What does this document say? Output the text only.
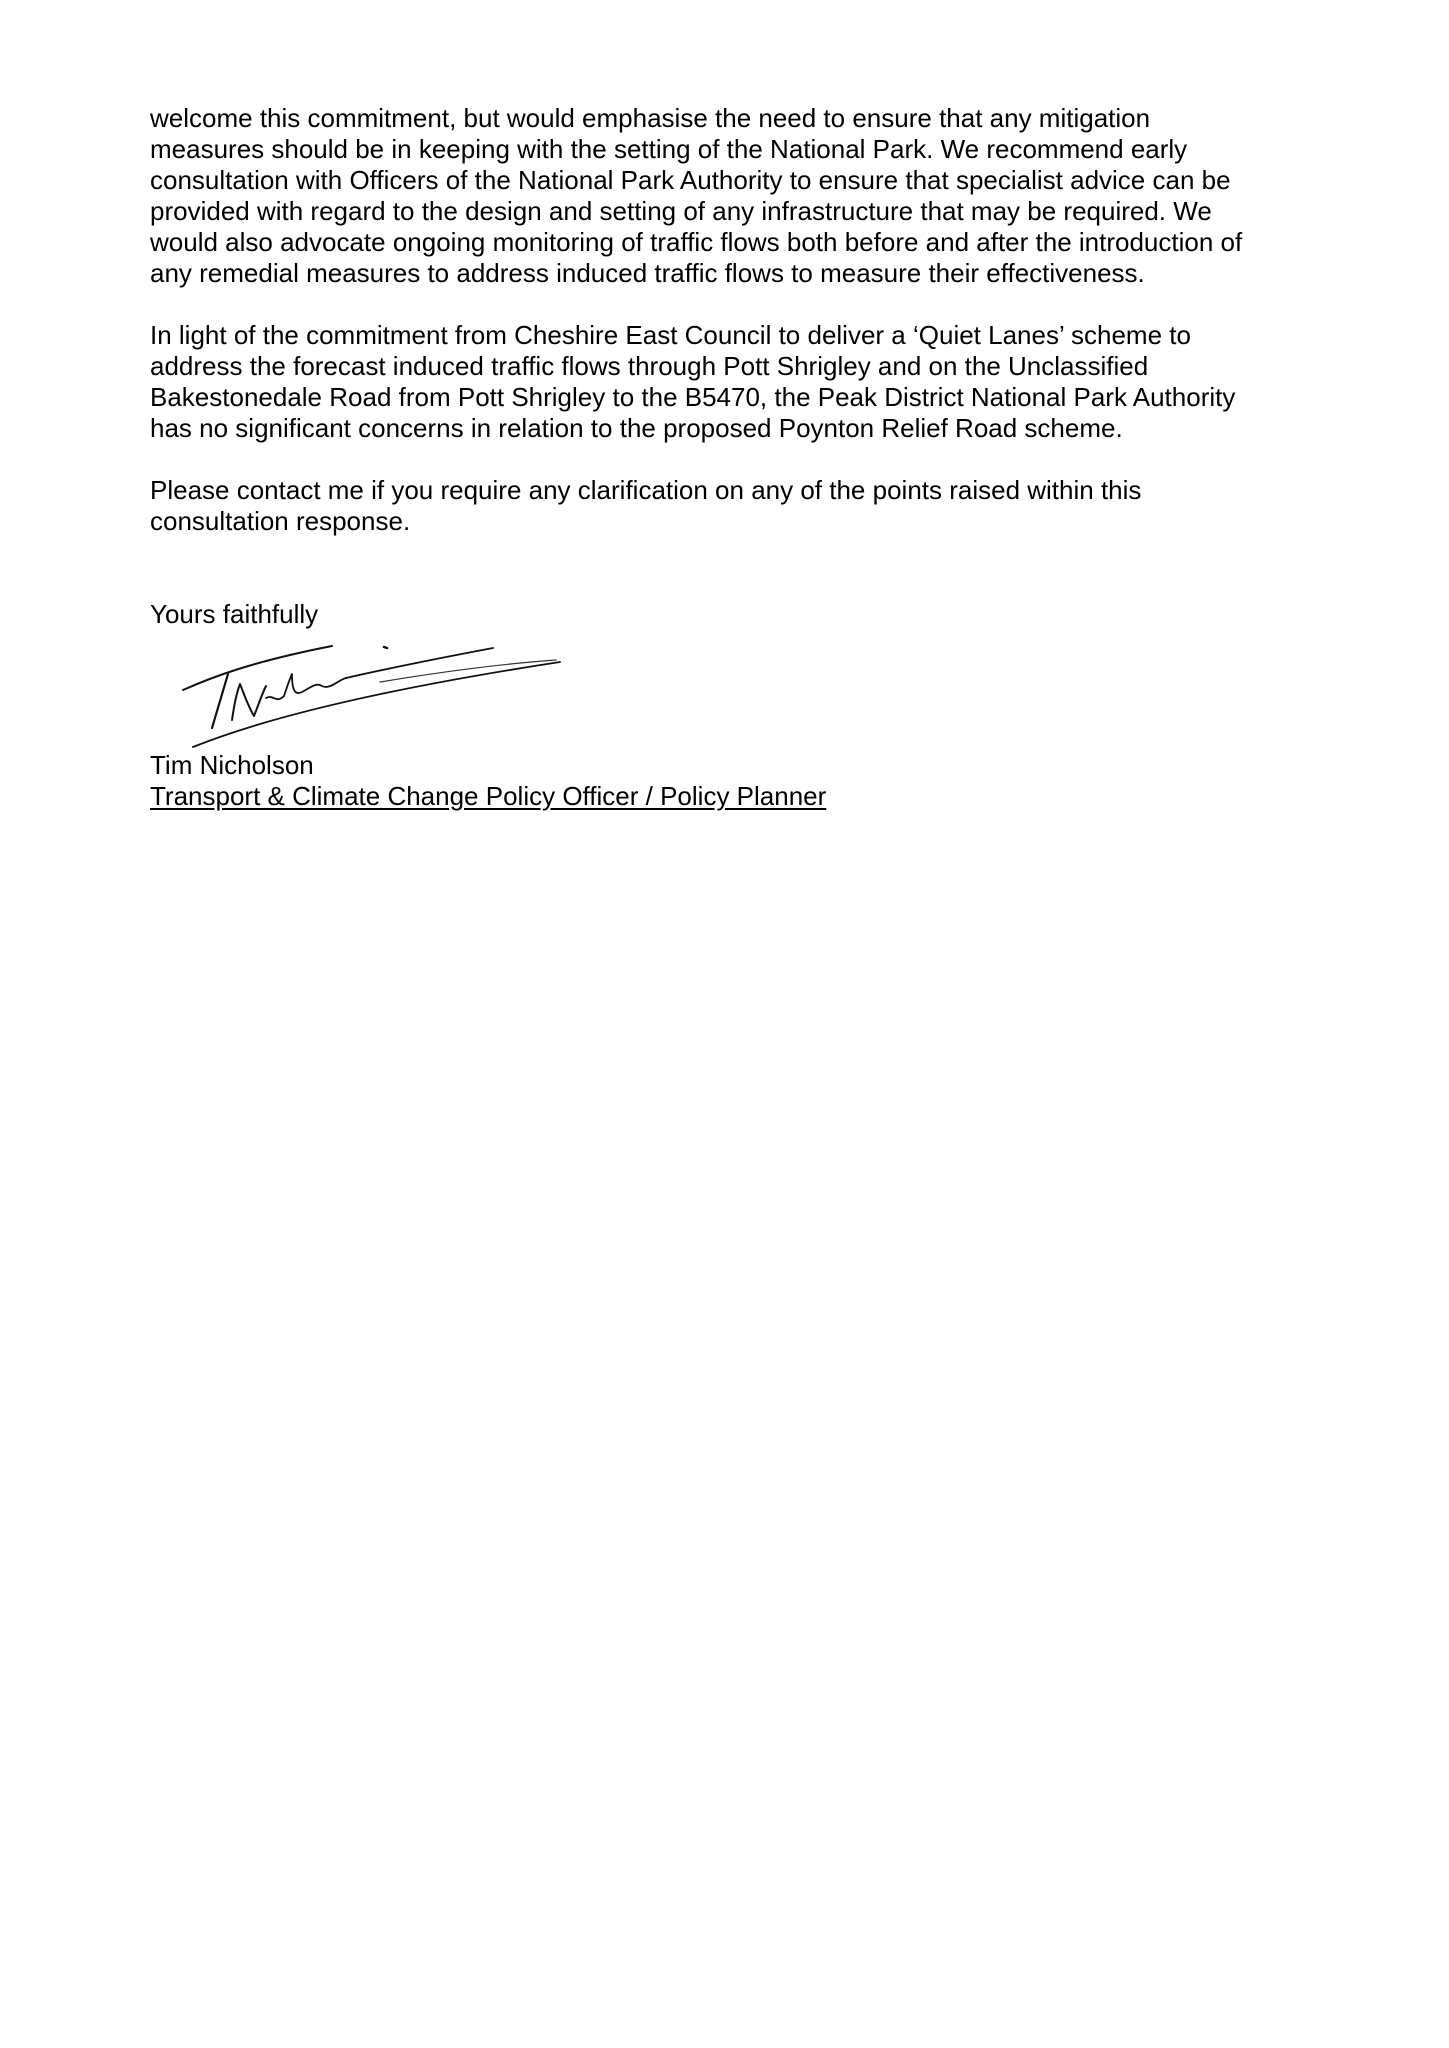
welcome this commitment, but would emphasise the need to ensure that any mitigation
measures should be in keeping with the setting of the National Park. We recommend early
consultation with Officers of the National Park Authority to ensure that specialist advice can be
provided with regard to the design and setting of any infrastructure that may be required. We
would also advocate ongoing monitoring of traffic flows both before and after the introduction of
any remedial measures to address induced traffic flows to measure their effectiveness.
In light of the commitment from Cheshire East Council to deliver a ‘Quiet Lanes’ scheme to
address the forecast induced traffic flows through Pott Shrigley and on the Unclassified
Bakestonedale Road from Pott Shrigley to the B5470, the Peak District National Park Authority
has no significant concerns in relation to the proposed Poynton Relief Road scheme.
Please contact me if you require any clarification on any of the points raised within this
consultation response.
Yours faithfully
Tim Nicholson
Transport & Climate Change Policy Officer / Policy Planner
